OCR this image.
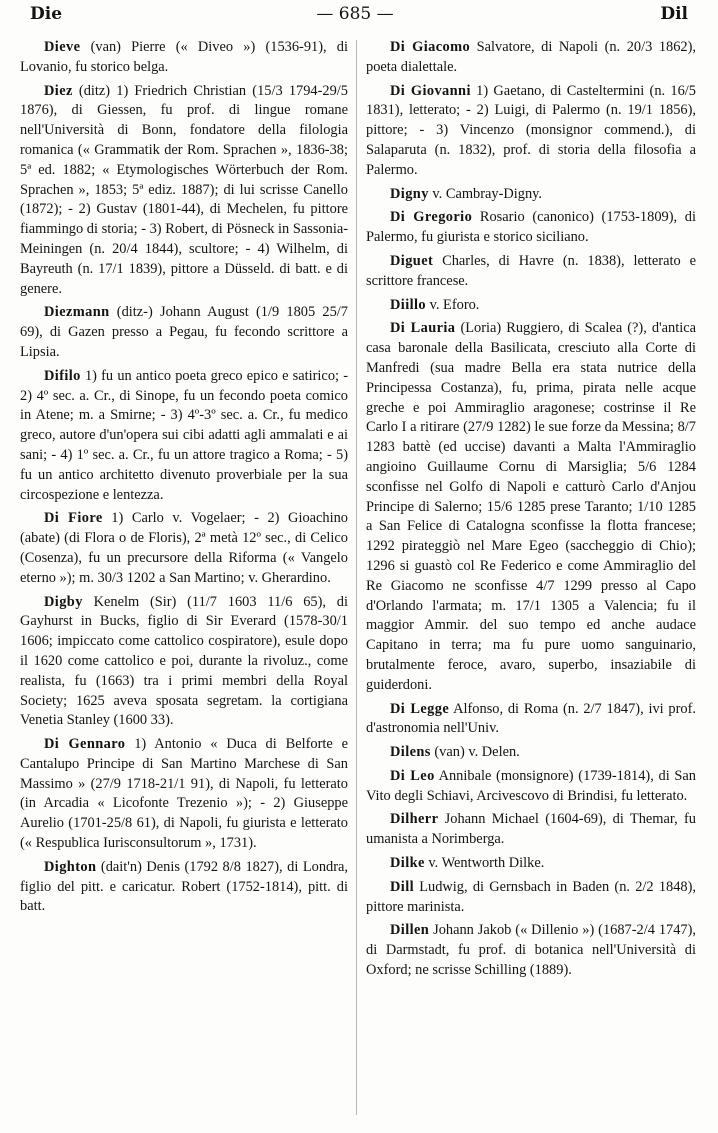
Die	— 685 —	Dil

Dieve (van) Pierre (« Diveo ») (1536-91), di Lovanio, fu storico belga.

Diez (ditz) 1) Friedrich Christian (15/3 1794-29/5 1876), di Giessen, fu prof. di lingue romane nell'Università di Bonn, fondatore della filologia romanica (« Grammatik der Rom. Sprachen », 1836-38; 5ª ed. 1882; « Etymologisches Wörterbuch der Rom. Sprachen », 1853; 5ª ediz. 1887); di lui scrisse Canello (1872); - 2) Gustav (1801-44), di Mechelen, fu pittore fiammingo di storia; - 3) Robert, di Pösneck in Sassonia-Meiningen (n. 20/4 1844), scultore; - 4) Wilhelm, di Bayreuth (n. 17/1 1839), pittore a Düsseld. di batt. e di genere.

Diezmann (ditz-) Johann August (1/9 1805 25/7 69), di Gazen presso a Pegau, fu fecondo scrittore a Lipsia.

Difilo 1) fu un antico poeta greco epico e satirico; - 2) 4º sec. a. Cr., di Sinope, fu un fecondo poeta comico in Atene; m. a Smirne; - 3) 4º-3º sec. a. Cr., fu medico greco, autore d'un'opera sui cibi adatti agli ammalati e ai sani; - 4) 1º sec. a. Cr., fu un attore tragico a Roma; - 5) fu un antico architetto divenuto proverbiale per la sua circospezione e lentezza.

Di Fiore 1) Carlo v. Vogelaer; - 2) Gioachino (abate) (di Flora o de Floris), 2ª metà 12º sec., di Celico (Cosenza), fu un precursore della Riforma (« Vangelo eterno »); m. 30/3 1202 a San Martino; v. Gherardino.

Digby Kenelm (Sir) (11/7 1603 11/6 65), di Gayhurst in Bucks, figlio di Sir Everard (1578-30/1 1606; impiccato come cattolico cospiratore), esule dopo il 1620 come cattolico e poi, durante la rivoluz., come realista, fu (1663) tra i primi membri della Royal Society; 1625 aveva sposata segretam. la cortigiana Venetia Stanley (1600 33).

Di Gennaro 1) Antonio « Duca di Belforte e Cantalupo Principe di San Martino Marchese di San Massimo » (27/9 1718-21/1 91), di Napoli, fu letterato (in Arcadia « Licofonte Trezenio »); - 2) Giuseppe Aurelio (1701-25/8 61), di Napoli, fu giurista e letterato (« Respublica Iurisconsultorum », 1731).

Dighton (dait'n) Denis (1792 8/8 1827), di Londra, figlio del pitt. e caricatur. Robert (1752-1814), pitt. di batt.

Di Giacomo Salvatore, di Napoli (n. 20/3 1862), poeta dialettale.

Di Giovanni 1) Gaetano, di Casteltermini (n. 16/5 1831), letterato; - 2) Luigi, di Palermo (n. 19/1 1856), pittore; - 3) Vincenzo (monsignor commend.), di Salaparuta (n. 1832), prof. di storia della filosofia a Palermo.

Digny v. Cambray-Digny.

Di Gregorio Rosario (canonico) (1753-1809), di Palermo, fu giurista e storico siciliano.

Diguet Charles, di Havre (n. 1838), letterato e scrittore francese.

Diillo v. Eforo.

Di Lauria (Loria) Ruggiero, di Scalea (?), d'antica casa baronale della Basilicata, cresciuto alla Corte di Manfredi (sua madre Bella era stata nutrice della Principessa Costanza), fu, prima, pirata nelle acque greche e poi Ammiraglio aragonese; costrinse il Re Carlo I a ritirare (27/9 1282) le sue forze da Messina; 8/7 1283 battè (ed uccise) davanti a Malta l'Ammiraglio angioino Guillaume Cornu di Marsiglia; 5/6 1284 sconfisse nel Golfo di Napoli e catturò Carlo d'Anjou Principe di Salerno; 15/6 1285 prese Taranto; 1/10 1285 a San Felice di Catalogna sconfisse la flotta francese; 1292 piratеggiò nel Mare Egeo (saccheggio di Chio); 1296 si guastò col Re Federico e come Ammiraglio del Re Giacomo ne sconfisse 4/7 1299 presso al Capo d'Orlando l'armata; m. 17/1 1305 a Valencia; fu il maggior Ammir. del suo tempo ed anche audace Capitano in terra; ma fu pure uomo sanguinario, brutalmente feroce, avaro, superbo, insaziabile di guiderdoni.

Di Legge Alfonso, di Roma (n. 2/7 1847), ivi prof. d'astronomia nell'Univ.

Dilens (van) v. Delen.

Di Leo Annibale (monsignore) (1739-1814), di San Vito degli Schiavi, Arcivescovo di Brindisi, fu letterato.

Dilherr Johann Michael (1604-69), di Themar, fu umanista a Norimberga.

Dilke v. Wentworth Dilke.

Dill Ludwig, di Gernsbach in Baden (n. 2/2 1848), pittore marinista.

Dillen Johann Jakob (« Dillenio ») (1687-2/4 1747), di Darmstadt, fu prof. di botanica nell'Università di Oxford; ne scrisse Schilling (1889).
